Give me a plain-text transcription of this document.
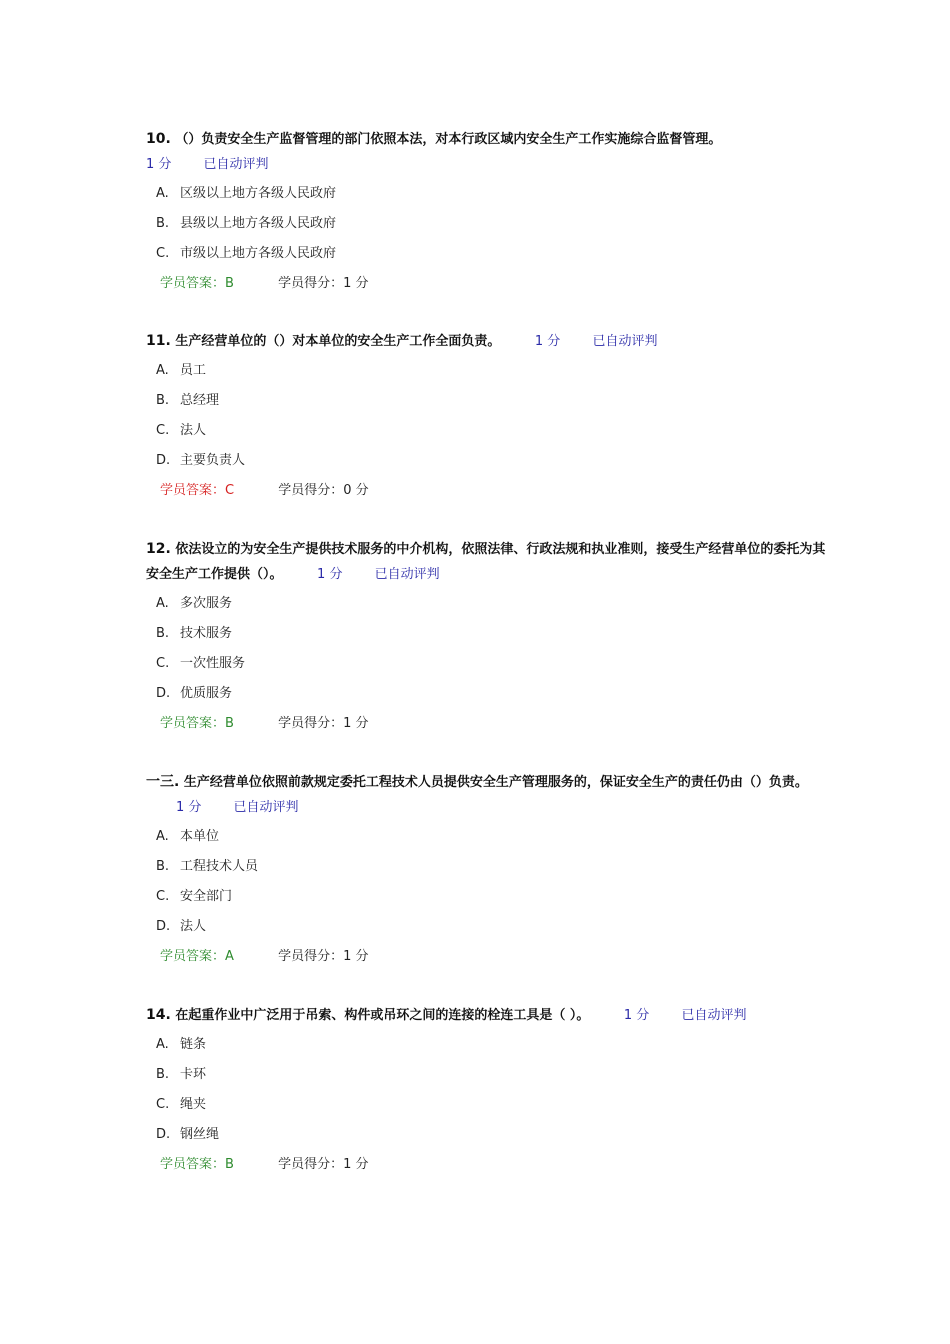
10. （）负责安全生产监督管理的部门依照本法，对本行政区域内安全生产工作实施综合监督管理。

1 分 已自动评判
A. 区级以上地方各级人民政府
B. 县级以上地方各级人民政府
C. 市级以上地方各级人民政府
学员答案：B	学员得分：1 分

11. 生产经营单位的（）对本单位的安全生产工作全面负责。	1 分 已自动评判

A. 员工
B. 总经理
C. 法人
D. 主要负责人
学员答案：C	学员得分：0 分

12. 依法设立的为安全生产提供技术服务的中介机构，依照法律、行政法规和执业准则，接受生产经营单位的委托为其安全生产工作提供（）。	1 分 已自动评判

A. 多次服务
B. 技术服务
C. 一次性服务
D. 优质服务
学员答案：B	学员得分：1 分

一三. 生产经营单位依照前款规定委托工程技术人员提供安全生产管理服务的，保证安全生产的责任仍由（）负责。 1 分 已自动评判

A. 本单位
B. 工程技术人员
C. 安全部门
D. 法人
学员答案：A	学员得分：1 分

14. 在起重作业中广泛用于吊索、构件或吊环之间的连接的栓连工具是（ ）。	1 分 已自动评判

A. 链条
B. 卡环
C. 绳夹
D. 钢丝绳
学员答案：B	学员得分：1 分
